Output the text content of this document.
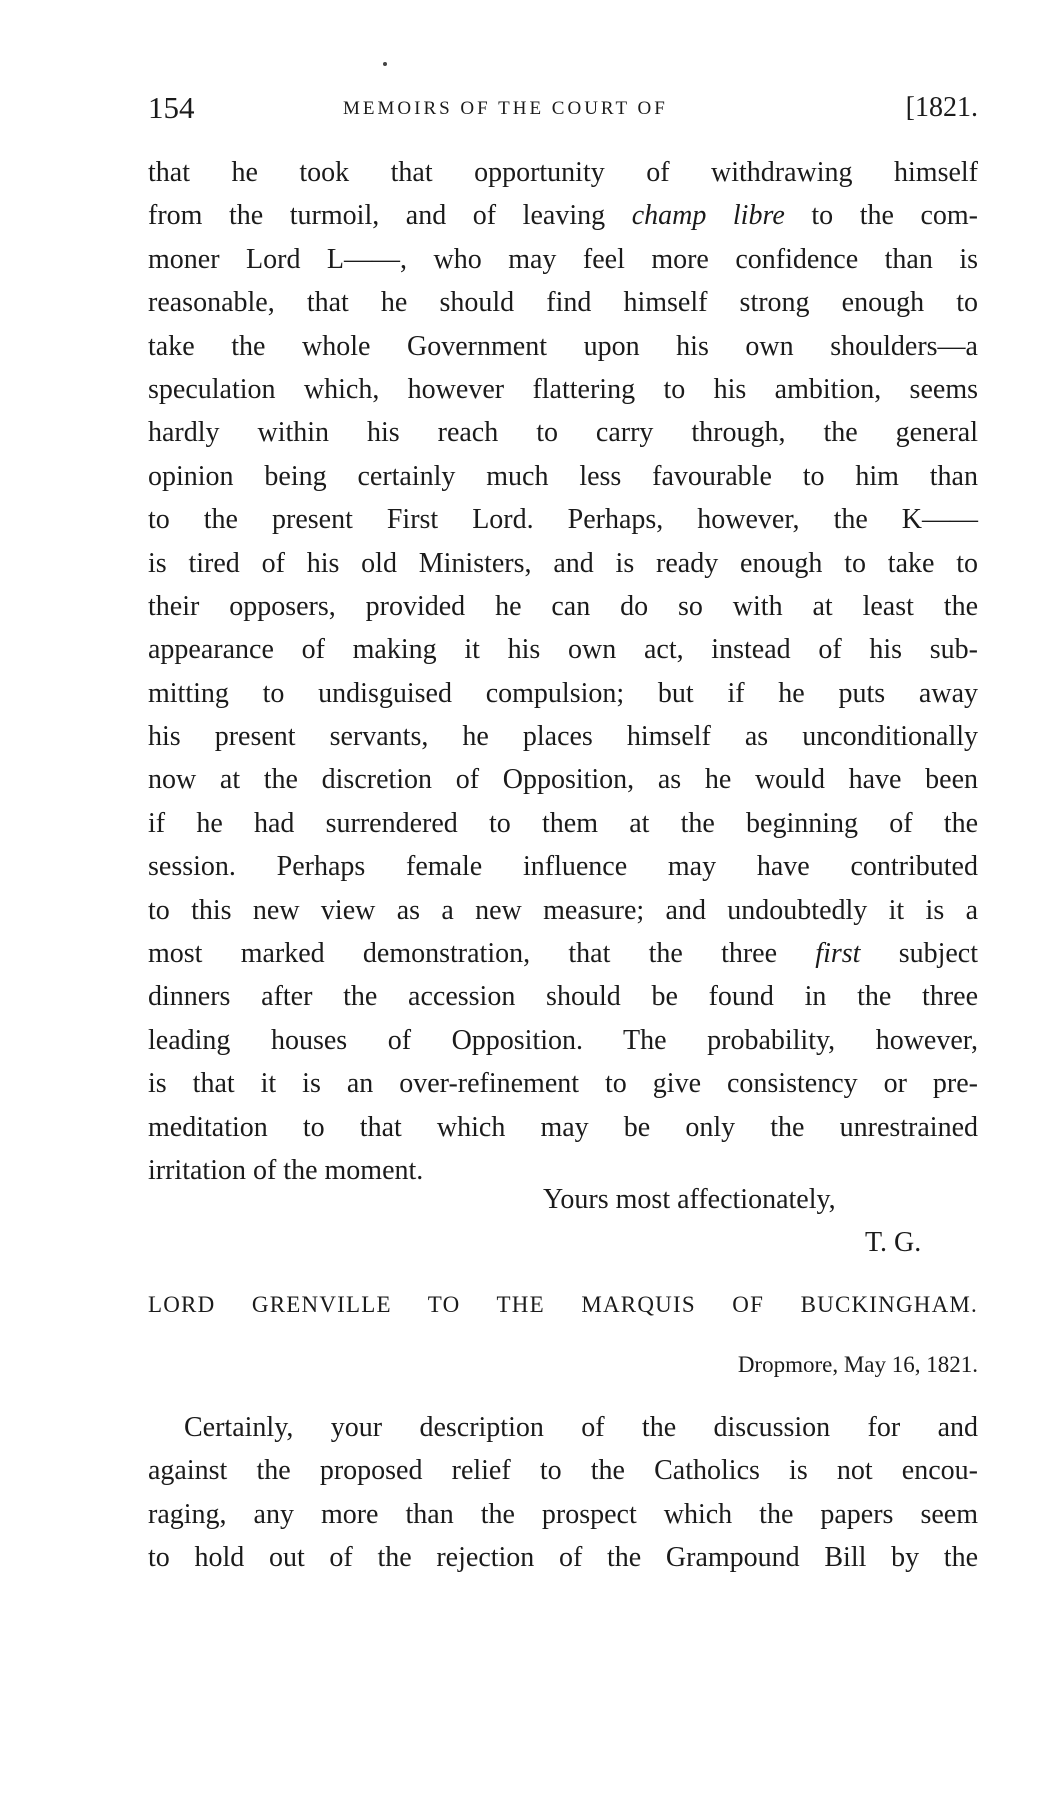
154	MEMOIRS OF THE COURT OF	[1821.
that he took that opportunity of withdrawing himself
from the turmoil, and of leaving champ libre to the com-
moner Lord L——, who may feel more confidence than is
reasonable, that he should find himself strong enough to
take the whole Government upon his own shoulders—a
speculation which, however flattering to his ambition, seems
hardly within his reach to carry through, the general
opinion being certainly much less favourable to him than
to the present First Lord. Perhaps, however, the K——
is tired of his old Ministers, and is ready enough to take to
their opposers, provided he can do so with at least the
appearance of making it his own act, instead of his sub-
mitting to undisguised compulsion; but if he puts away
his present servants, he places himself as unconditionally
now at the discretion of Opposition, as he would have been
if he had surrendered to them at the beginning of the
session. Perhaps female influence may have contributed
to this new view as a new measure; and undoubtedly it is a
most marked demonstration, that the three first subject
dinners after the accession should be found in the three
leading houses of Opposition. The probability, however,
is that it is an over-refinement to give consistency or pre-
meditation to that which may be only the unrestrained
irritation of the moment.
Yours most affectionately,
T. G.
LORD GRENVILLE TO THE MARQUIS OF BUCKINGHAM.
Dropmore, May 16, 1821.
Certainly, your description of the discussion for and
against the proposed relief to the Catholics is not encou-
raging, any more than the prospect which the papers seem
to hold out of the rejection of the Grampound Bill by the
